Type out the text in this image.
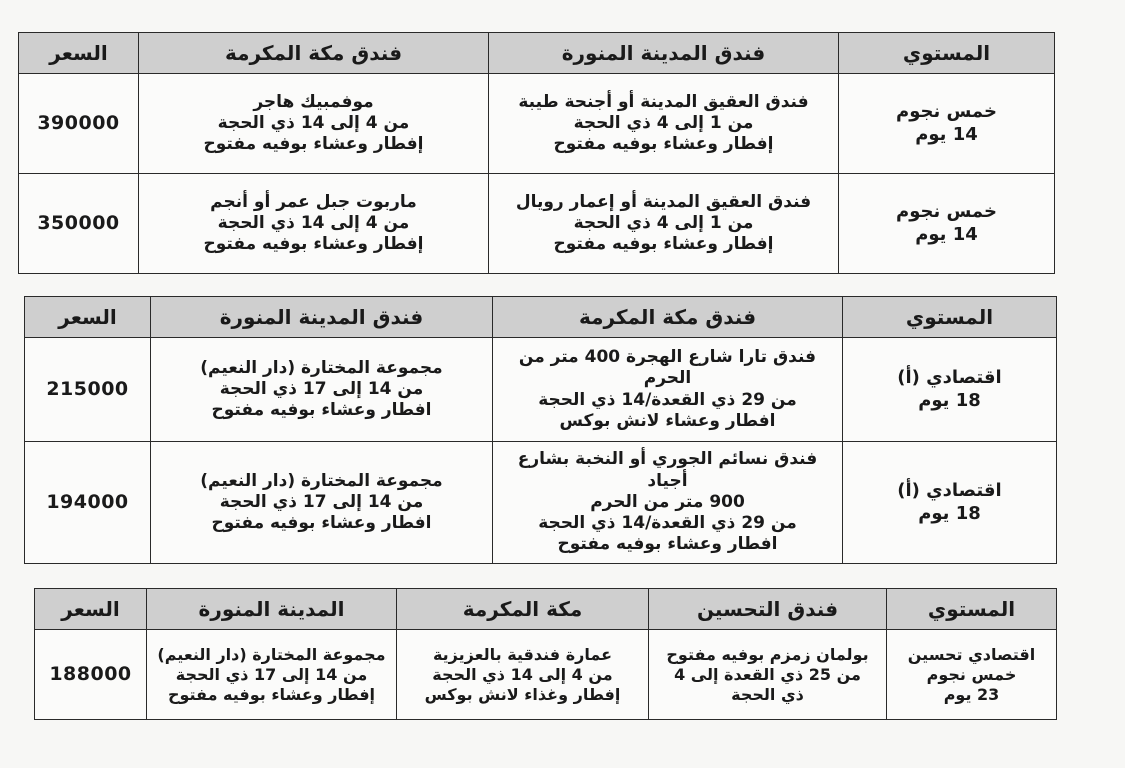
المستوي	فندق المدينة المنورة	فندق مكة المكرمة	السعر

خمس نجوم
14 يوم	فندق العقيق المدينة أو أجنحة طيبة
من 1 إلى 4 ذي الحجة
إفطار وعشاء بوفيه مفتوح	موفمبيك هاجر
من 4 إلى 14 ذي الحجة
إفطار وعشاء بوفيه مفتوح	390000

خمس نجوم
14 يوم	فندق العقيق المدينة أو إعمار رويال
من 1 إلى 4 ذي الحجة
إفطار وعشاء بوفيه مفتوح	ماربوت جبل عمر أو أنجم
من 4 إلى 14 ذي الحجة
إفطار وعشاء بوفيه مفتوح	350000
المستوي	فندق مكة المكرمة	فندق المدينة المنورة	السعر

اقتصادي (أ)
18 يوم	فندق تارا شارع الهجرة 400 متر من الحرم
من 29 ذي القعدة/14 ذي الحجة
افطار وعشاء لانش بوكس	مجموعة المختارة (دار النعيم)
من 14 إلى 17 ذي الحجة
افطار وعشاء بوفيه مفتوح	215000

اقتصادي (أ)
18 يوم	فندق نسائم الجوري أو النخبة بشارع أجياد
900 متر من الحرم
من 29 ذي القعدة/14 ذي الحجة
افطار وعشاء بوفيه مفتوح	مجموعة المختارة (دار النعيم)
من 14 إلى 17 ذي الحجة
افطار وعشاء بوفيه مفتوح	194000
المستوي	فندق التحسين	مكة المكرمة	المدينة المنورة	السعر

اقتصادي تحسين
خمس نجوم
23 يوم	بولمان زمزم بوفيه مفتوح
من 25 ذي القعدة إلى 4
ذي الحجة	عمارة فندقية بالعزيزية
من 4 إلى 14 ذي الحجة
إفطار وغذاء لانش بوكس	مجموعة المختارة (دار النعيم)
من 14 إلى 17 ذي الحجة
إفطار وعشاء بوفيه مفتوح	188000
